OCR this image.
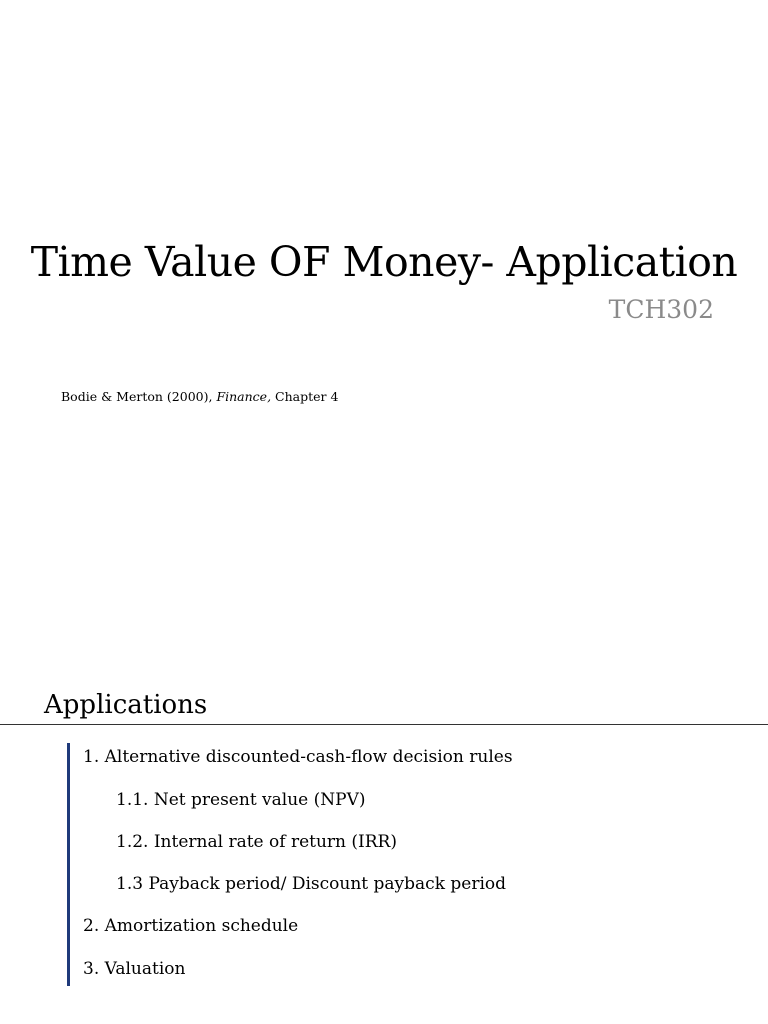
Time Value OF Money- Application
TCH302
Bodie & Merton (2000), Finance, Chapter 4
Applications
1. Alternative discounted-cash-flow decision rules
1.1. Net present value (NPV)
1.2. Internal rate of return (IRR)
1.3 Payback period/ Discount payback period
2. Amortization schedule
3. Valuation
